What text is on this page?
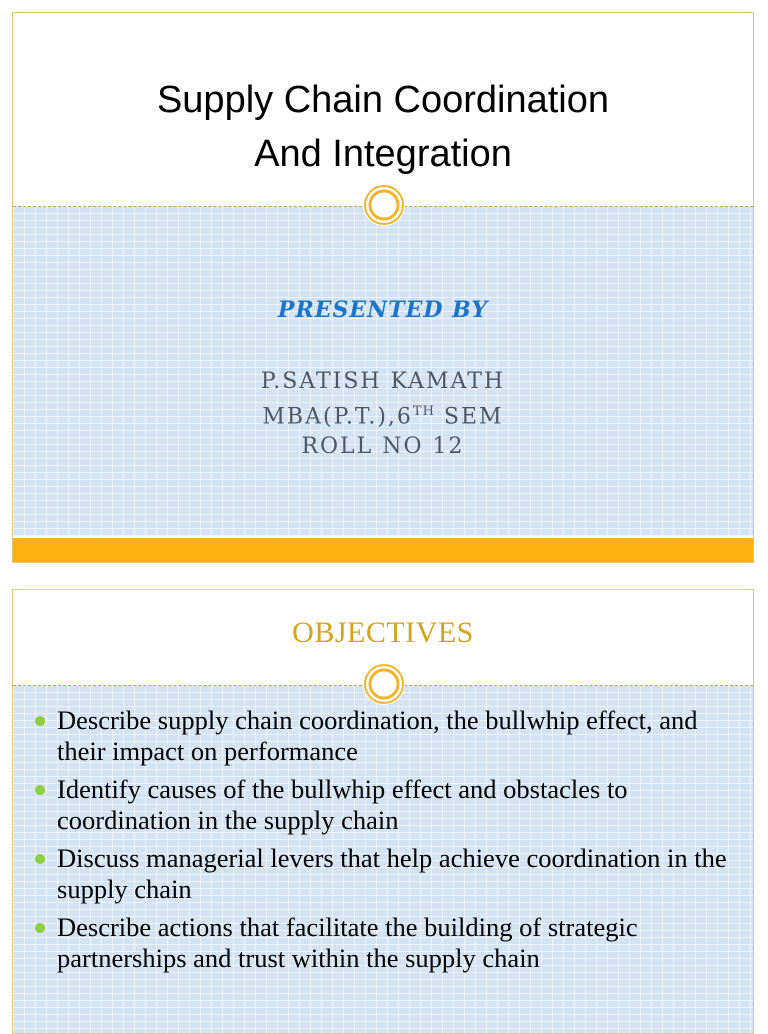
Supply Chain Coordination
And Integration
PRESENTED BY
P.SATISH KAMATH
MBA(P.T.),6TH SEM
ROLL NO 12
OBJECTIVES
Describe supply chain coordination, the bullwhip effect, and their impact on performance
Identify causes of the bullwhip effect and obstacles to coordination in the supply chain
Discuss managerial levers that help achieve coordination in the supply chain
Describe actions that facilitate the building of strategic partnerships and trust within the supply chain
